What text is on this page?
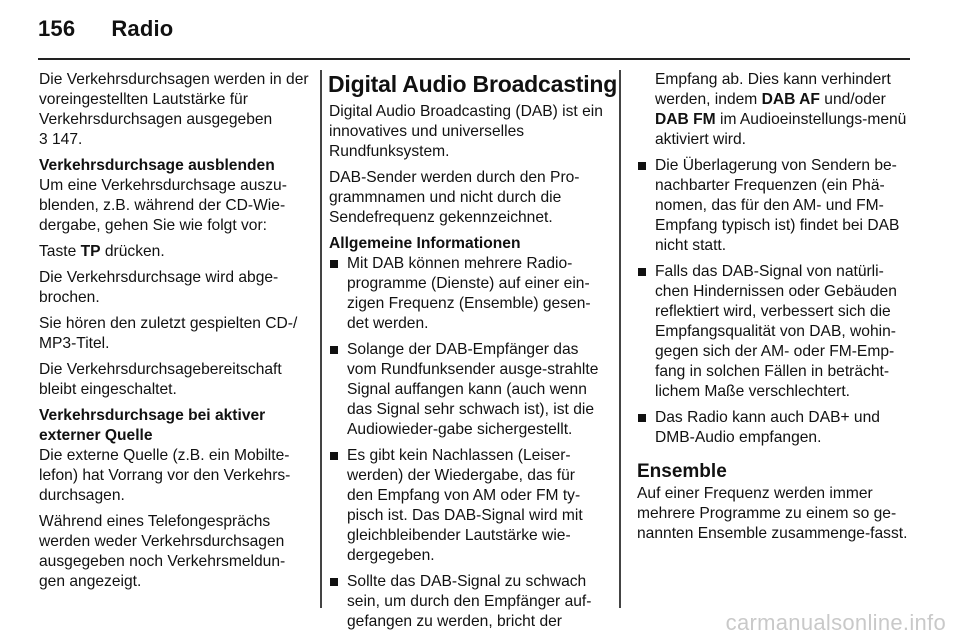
156 Radio

Die Verkehrsdurchsagen werden in der voreingestellten Lautstärke für Verkehrsdurchsagen ausgegeben
3 147.

Verkehrsdurchsage ausblenden

Um eine Verkehrsdurchsage auszu-blenden, z.B. während der CD-Wie-dergabe, gehen Sie wie folgt vor:

Taste TP drücken.

Die Verkehrsdurchsage wird abge-brochen.

Sie hören den zuletzt gespielten CD-/ MP3-Titel.

Die Verkehrsdurchsagebereitschaft bleibt eingeschaltet.

Verkehrsdurchsage bei aktiver externer Quelle

Die externe Quelle (z.B. ein Mobilte-lefon) hat Vorrang vor den Verkehrs-durchsagen.

Während eines Telefongesprächs werden weder Verkehrsdurchsagen ausgegeben noch Verkehrsmeldun-gen angezeigt.

Digital Audio Broadcasting

Digital Audio Broadcasting (DAB) ist ein innovatives und universelles Rundfunksystem.

DAB-Sender werden durch den Pro-grammnamen und nicht durch die Sendefrequenz gekennzeichnet.

Allgemeine Informationen

Mit DAB können mehrere Radio-programme (Dienste) auf einer ein-zigen Frequenz (Ensemble) gesen-det werden.
Solange der DAB-Empfänger das vom Rundfunksender ausge-strahlte Signal auffangen kann (auch wenn das Signal sehr schwach ist), ist die Audiowieder-gabe sichergestellt.
Es gibt kein Nachlassen (Leiser-werden) der Wiedergabe, das für den Empfang von AM oder FM ty-pisch ist. Das DAB-Signal wird mit gleichbleibender Lautstärke wie-dergegeben.
Sollte das DAB-Signal zu schwach sein, um durch den Empfänger auf-gefangen zu werden, bricht der

Empfang ab. Dies kann verhindert werden, indem DAB AF und/oder DAB FM im Audioeinstellungs-menü aktiviert wird.

Die Überlagerung von Sendern be-nachbarter Frequenzen (ein Phä-nomen, das für den AM- und FM-Empfang typisch ist) findet bei DAB nicht statt.
Falls das DAB-Signal von natürli-chen Hindernissen oder Gebäuden reflektiert wird, verbessert sich die Empfangsqualität von DAB, wohin-gegen sich der AM- oder FM-Emp-fang in solchen Fällen in beträcht-lichem Maße verschlechtert.
Das Radio kann auch DAB+ und DMB-Audio empfangen.
Ensemble

Auf einer Frequenz werden immer mehrere Programme zu einem so ge-nannten Ensemble zusammenge-fasst.

carmanualsonline.info
